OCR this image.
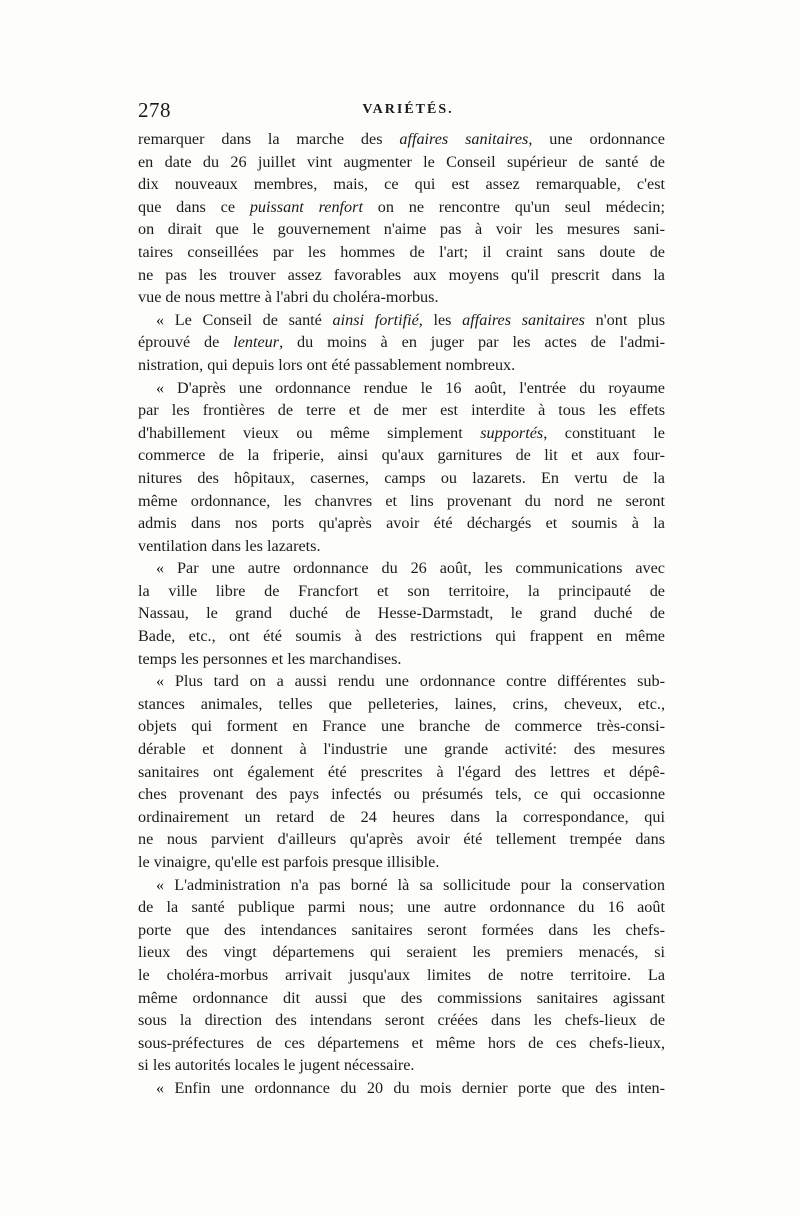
278	VARIÉTÉS.
remarquer dans la marche des affaires sanitaires, une ordonnance
en date du 26 juillet vint augmenter le Conseil supérieur de santé de
dix nouveaux membres, mais, ce qui est assez remarquable, c'est
que dans ce puissant renfort on ne rencontre qu'un seul médecin;
on dirait que le gouvernement n'aime pas à voir les mesures sani-
taires conseillées par les hommes de l'art; il craint sans doute de
ne pas les trouver assez favorables aux moyens qu'il prescrit dans la
vue de nous mettre à l'abri du choléra-morbus.
« Le Conseil de santé ainsi fortifié, les affaires sanitaires n'ont plus
éprouvé de lenteur, du moins à en juger par les actes de l'admi-
nistration, qui depuis lors ont été passablement nombreux.
« D'après une ordonnance rendue le 16 août, l'entrée du royaume
par les frontières de terre et de mer est interdite à tous les effets
d'habillement vieux ou même simplement supportés, constituant le
commerce de la friperie, ainsi qu'aux garnitures de lit et aux four-
nitures des hôpitaux, casernes, camps ou lazarets. En vertu de la
même ordonnance, les chanvres et lins provenant du nord ne seront
admis dans nos ports qu'après avoir été déchargés et soumis à la
ventilation dans les lazarets.
« Par une autre ordonnance du 26 août, les communications avec
la ville libre de Francfort et son territoire, la principauté de
Nassau, le grand duché de Hesse-Darmstadt, le grand duché de
Bade, etc., ont été soumis à des restrictions qui frappent en même
temps les personnes et les marchandises.
« Plus tard on a aussi rendu une ordonnance contre différentes sub-
stances animales, telles que pelleteries, laines, crins, cheveux, etc.,
objets qui forment en France une branche de commerce très-consi-
dérable et donnent à l'industrie une grande activité: des mesures
sanitaires ont également été prescrites à l'égard des lettres et dépê-
ches provenant des pays infectés ou présumés tels, ce qui occasionne
ordinairement un retard de 24 heures dans la correspondance, qui
ne nous parvient d'ailleurs qu'après avoir été tellement trempée dans
le vinaigre, qu'elle est parfois presque illisible.
« L'administration n'a pas borné là sa sollicitude pour la conservation
de la santé publique parmi nous; une autre ordonnance du 16 août
porte que des intendances sanitaires seront formées dans les chefs-
lieux des vingt départemens qui seraient les premiers menacés, si
le choléra-morbus arrivait jusqu'aux limites de notre territoire. La
même ordonnance dit aussi que des commissions sanitaires agissant
sous la direction des intendans seront créées dans les chefs-lieux de
sous-préfectures de ces départemens et même hors de ces chefs-lieux,
si les autorités locales le jugent nécessaire.
« Enfin une ordonnance du 20 du mois dernier porte que des inten-
